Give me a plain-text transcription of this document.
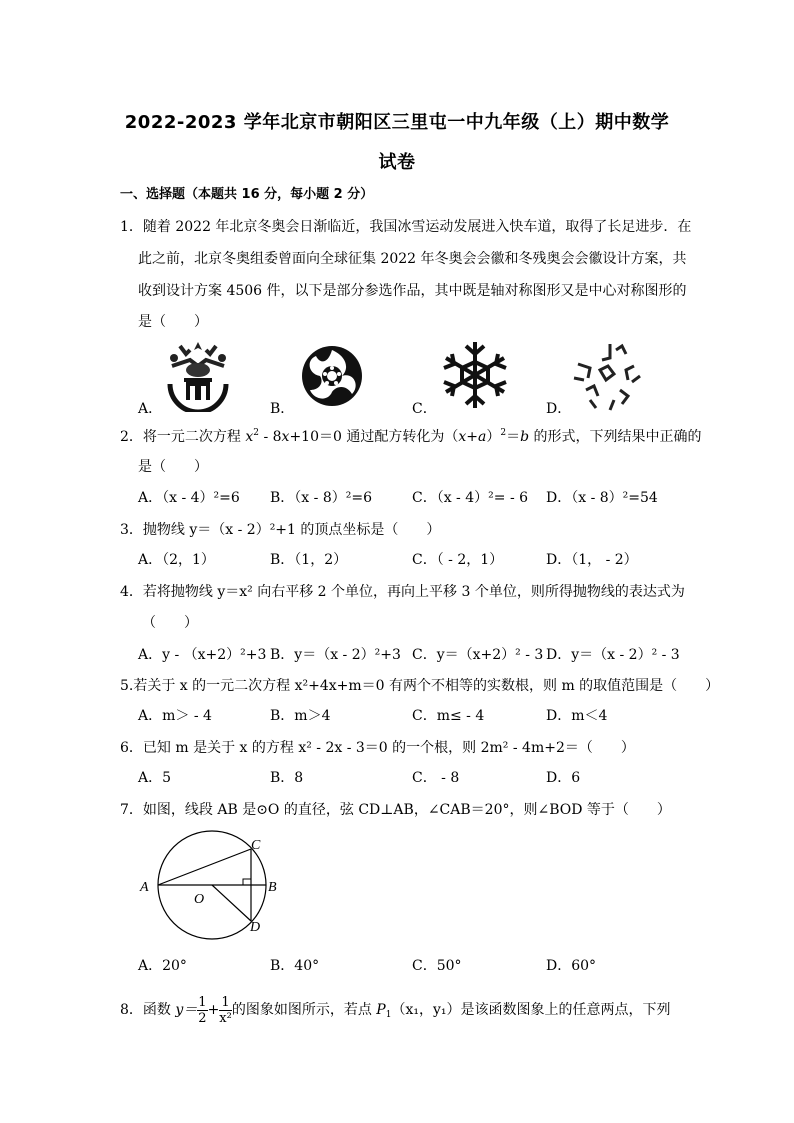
2022-2023 学年北京市朝阳区三里屯一中九年级（上）期中数学
试卷
一、选择题（本题共 16 分，每小题 2 分）
1．随着 2022 年北京冬奥会日渐临近，我国冰雪运动发展进入快车道，取得了长足进步．在
此之前，北京冬奥组委曾面向全球征集 2022 年冬奥会会徽和冬残奥会会徽设计方案，共
收到设计方案 4506 件，以下是部分参选作品，其中既是轴对称图形又是中心对称图形的
是（　　）
A．	B．	C．	D．
2．将一元二次方程 $x^2 - 8x+10=0$ 通过配方转化为$(x+a)^2=b$ 的形式，下列结果中正确的
是（　　）
A．（x - 4）²=6 B．（x - 8）²=6	C．（x - 4）²= - 6 D．（x - 8）²=54
3．抛物线 y＝（x - 2）²+1 的顶点坐标是（　　）
A．（2，1）	B．（1，2）	C．（ - 2，1）	D．（1， - 2）
4．若将抛物线 y＝x² 向右平移 2 个单位，再向上平移 3 个单位，则所得抛物线的表达式为
（　　）
A．y - （x+2）²+3 B．y＝（x - 2）²+3 C．y＝（x+2）² - 3 D．y＝（x - 2）² - 3
5.若关于 x 的一元二次方程 x²+4x+m＝0 有两个不相等的实数根，则 m 的取值范围是（　　）
A．m＞ - 4	B．m＞4	C．m≤ - 4	D．m＜4
6．已知 m 是关于 x 的方程 x² - 2x - 3＝0 的一个根，则 2m² - 4m+2＝（　　）
A．5	B．8	C． - 8	D．6
7．如图，线段 AB 是⊙O 的直径，弦 CD⊥AB，∠CAB＝20°，则∠BOD 等于（　　）
A	B
C
D
O
A．20°	B．40°	C．50°	D．60°
8．函数 $y= \frac{1}{2} + \frac{1}{\text{x²}}$ 的图象如图所示，若点 $P_1(x_1$，y₁）是该函数图象上的任意两点，下列
